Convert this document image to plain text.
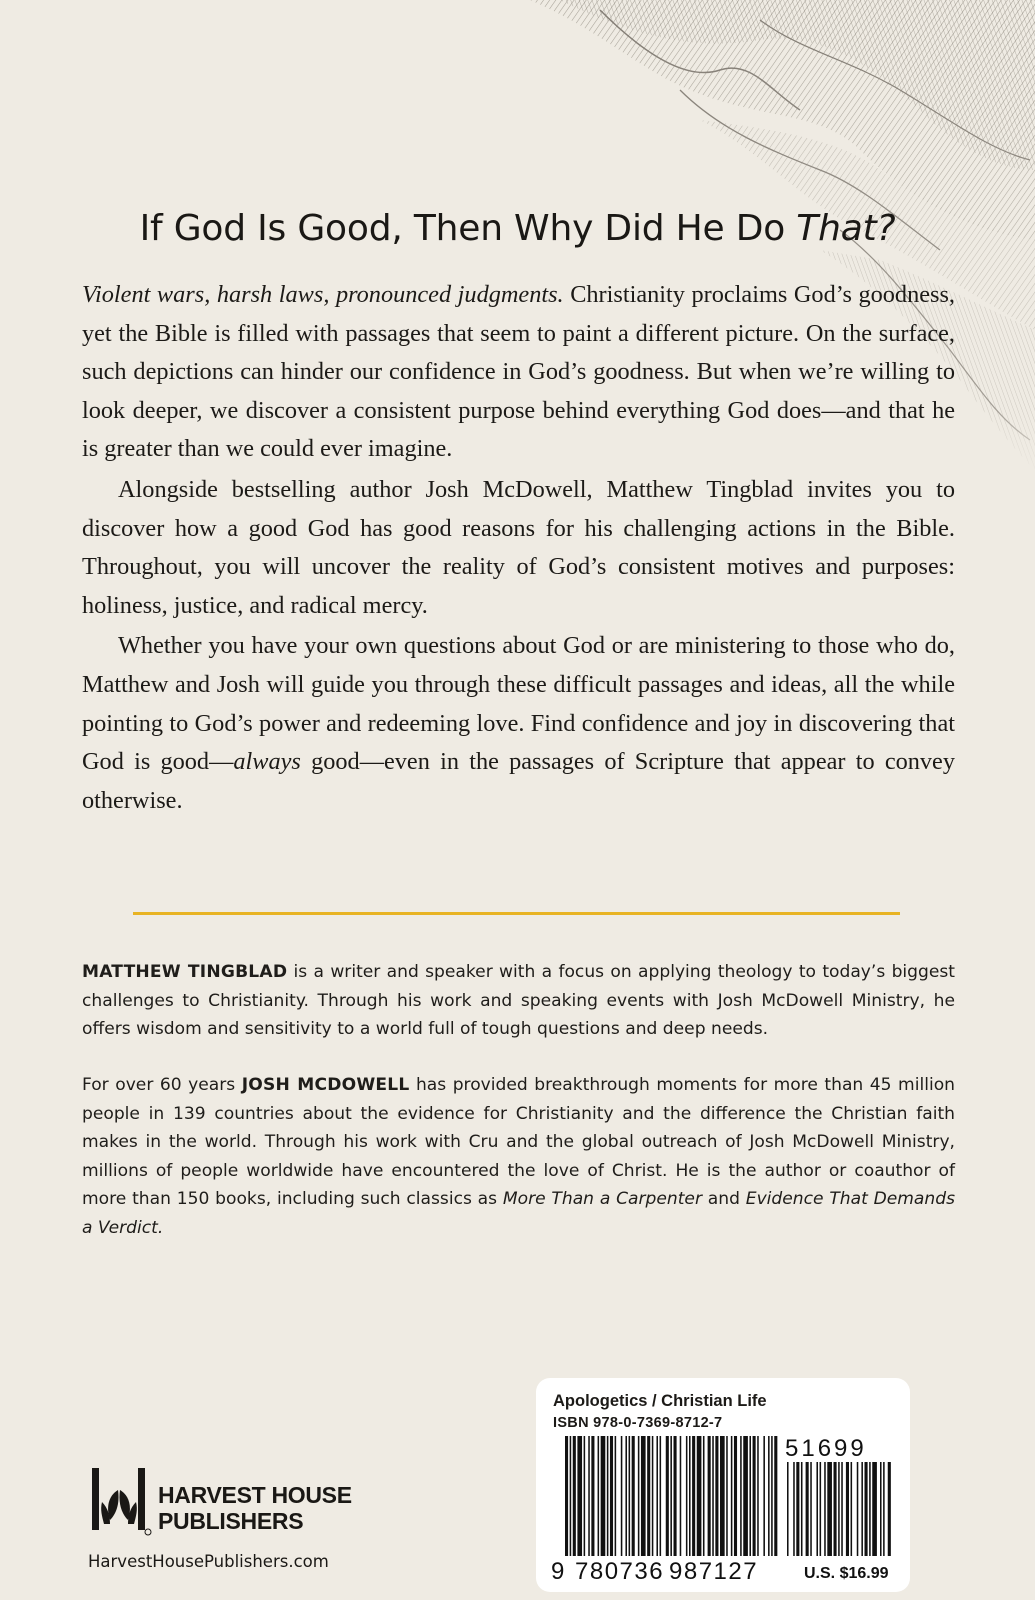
If God Is Good, Then Why Did He Do That?

Violent wars, harsh laws, pronounced judgments. Christianity proclaims God’s goodness, yet the Bible is filled with passages that seem to paint a different picture. On the surface, such depictions can hinder our confidence in God’s goodness. But when we’re willing to look deeper, we discover a consistent purpose behind everything God does—and that he is greater than we could ever imagine.

Alongside bestselling author Josh McDowell, Matthew Tingblad invites you to discover how a good God has good reasons for his challenging actions in the Bible. Throughout, you will uncover the reality of God’s consistent motives and purposes: holiness, justice, and radical mercy.

Whether you have your own questions about God or are ministering to those who do, Matthew and Josh will guide you through these difficult passages and ideas, all the while pointing to God’s power and redeeming love. Find confidence and joy in discovering that God is good—always good—even in the passages of Scripture that appear to convey otherwise.

MATTHEW TINGBLAD is a writer and speaker with a focus on applying theology to today’s biggest challenges to Christianity. Through his work and speaking events with Josh McDowell Ministry, he offers wisdom and sensitivity to a world full of tough questions and deep needs.
For over 60 years JOSH MCDOWELL has provided breakthrough moments for more than 45 million people in 139 countries about the evidence for Christianity and the difference the Christian faith makes in the world. Through his work with Cru and the global outreach of Josh McDowell Ministry, millions of people worldwide have encountered the love of Christ. He is the author or coauthor of more than 150 books, including such classics as More Than a Carpenter and Evidence That Demands a Verdict.
HARVEST HOUSE
PUBLISHERS
HarvestHousePublishers.com
Apologetics / Christian Life
ISBN 978-0-7369-8712-7
51699
9 780736 987127	U.S. $16.99
